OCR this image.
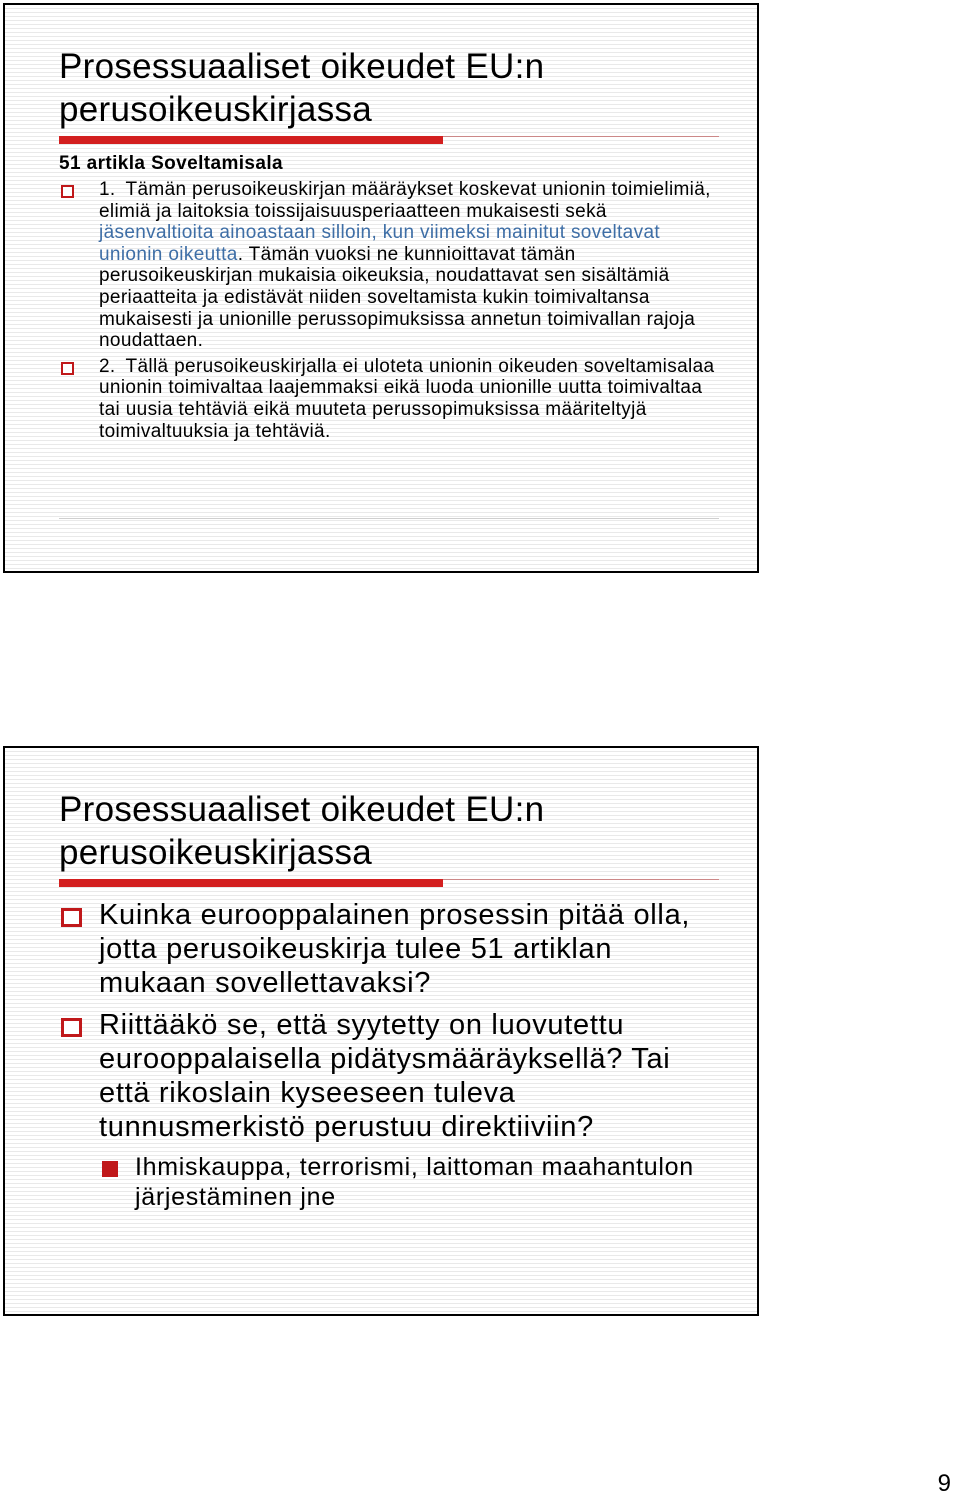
Prosessuaaliset oikeudet EU:n
perusoikeuskirjassa
51 artikla Soveltamisala
1. Tämän perusoikeuskirjan määräykset koskevat unionin toimielimiä, elimiä ja laitoksia toissijaisuusperiaatteen mukaisesti sekä jäsenvaltioita ainoastaan silloin, kun viimeksi mainitut soveltavat unionin oikeutta. Tämän vuoksi ne kunnioittavat tämän perusoikeuskirjan mukaisia oikeuksia, noudattavat sen sisältämiä periaatteita ja edistävät niiden soveltamista kukin toimivaltansa mukaisesti ja unionille perussopimuksissa annetun toimivallan rajoja noudattaen.
2. Tällä perusoikeuskirjalla ei uloteta unionin oikeuden soveltamisalaa unionin toimivaltaa laajemmaksi eikä luoda unionille uutta toimivaltaa tai uusia tehtäviä eikä muuteta perussopimuksissa määriteltyjä toimivaltuuksia ja tehtäviä.
Prosessuaaliset oikeudet EU:n
perusoikeuskirjassa
Kuinka eurooppalainen prosessin pitää olla, jotta perusoikeuskirja tulee 51 artiklan mukaan sovellettavaksi?
Riittääkö se, että syytetty on luovutettu eurooppalaisella pidätysmääräyksellä? Tai että rikoslain kyseeseen tuleva tunnusmerkistö perustuu direktiiviin?
Ihmiskauppa, terrorismi, laittoman maahantulon järjestäminen jne
9
